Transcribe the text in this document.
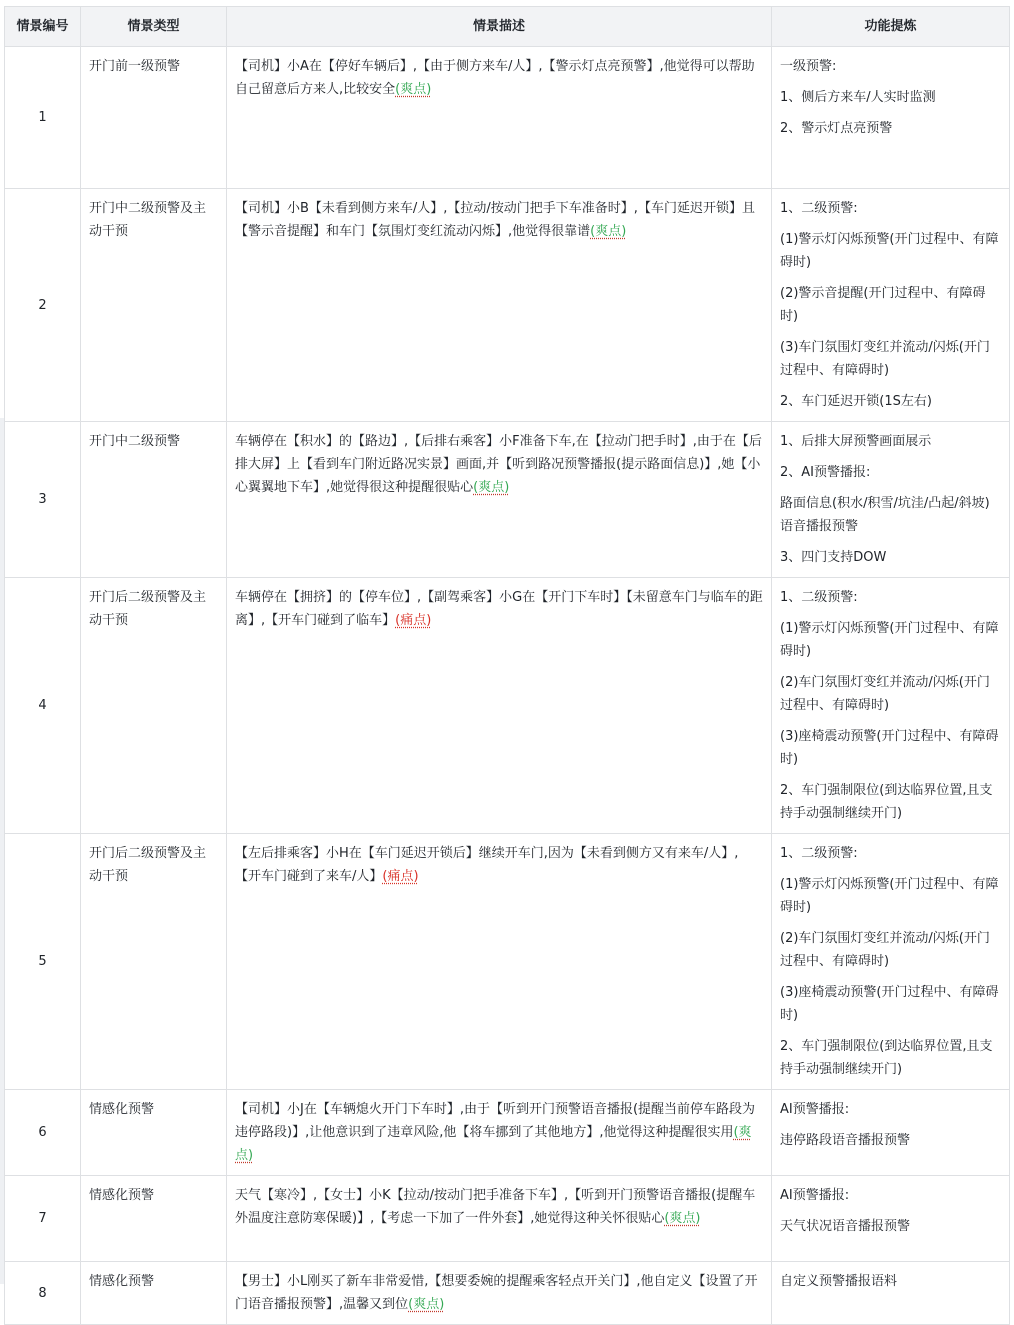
情景编号	情景类型	情景描述	功能提炼
1	开门前一级预警	【司机】小A在【停好车辆后】,【由于侧方来车/人】,【警示灯点亮预警】,他觉得可以帮助自己留意后方来人,比较安全(爽点)	一级预警:

1、侧后方来车/人实时监测

2、警示灯点亮预警

2	开门中二级预警及主动干预	【司机】小B【未看到侧方来车/人】,【拉动/按动门把手下车准备时】,【车门延迟开锁】且【警示音提醒】和车门【氛围灯变红流动闪烁】,他觉得很靠谱(爽点)	1、二级预警:

(1)警示灯闪烁预警(开门过程中、有障碍时)

(2)警示音提醒(开门过程中、有障碍时)

(3)车门氛围灯变红并流动/闪烁(开门过程中、有障碍时)

2、车门延迟开锁(1S左右)

3	开门中二级预警	车辆停在【积水】的【路边】,【后排右乘客】小F准备下车,在【拉动门把手时】,由于在【后排大屏】上【看到车门附近路况实景】画面,并【听到路况预警播报(提示路面信息)】,她【小心翼翼地下车】,她觉得很这种提醒很贴心(爽点)	1、后排大屏预警画面展示

2、AI预警播报:

路面信息(积水/积雪/坑洼/凸起/斜坡)语音播报预警

3、四门支持DOW

4	开门后二级预警及主动干预	车辆停在【拥挤】的【停车位】,【副驾乘客】小G在【开门下车时】【未留意车门与临车的距离】,【开车门碰到了临车】(痛点)	1、二级预警:

(1)警示灯闪烁预警(开门过程中、有障碍时)

(2)车门氛围灯变红并流动/闪烁(开门过程中、有障碍时)

(3)座椅震动预警(开门过程中、有障碍时)

2、车门强制限位(到达临界位置,且支持手动强制继续开门)

5	开门后二级预警及主动干预	【左后排乘客】小H在【车门延迟开锁后】继续开车门,因为【未看到侧方又有来车/人】,【开车门碰到了来车/人】(痛点)	1、二级预警:

(1)警示灯闪烁预警(开门过程中、有障碍时)

(2)车门氛围灯变红并流动/闪烁(开门过程中、有障碍时)

(3)座椅震动预警(开门过程中、有障碍时)

2、车门强制限位(到达临界位置,且支持手动强制继续开门)

6	情感化预警	【司机】小J在【车辆熄火开门下车时】,由于【听到开门预警语音播报(提醒当前停车路段为违停路段)】,让他意识到了违章风险,他【将车挪到了其他地方】,他觉得这种提醒很实用(爽点)	AI预警播报:

违停路段语音播报预警

7	情感化预警	天气【寒冷】,【女士】小K【拉动/按动门把手准备下车】,【听到开门预警语音播报(提醒车外温度注意防寒保暖)】,【考虑一下加了一件外套】,她觉得这种关怀很贴心(爽点)	AI预警播报:

天气状况语音播报预警

8	情感化预警	【男士】小L刚买了新车非常爱惜,【想要委婉的提醒乘客轻点开关门】,他自定义【设置了开门语音播报预警】,温馨又到位(爽点)	自定义预警播报语料
